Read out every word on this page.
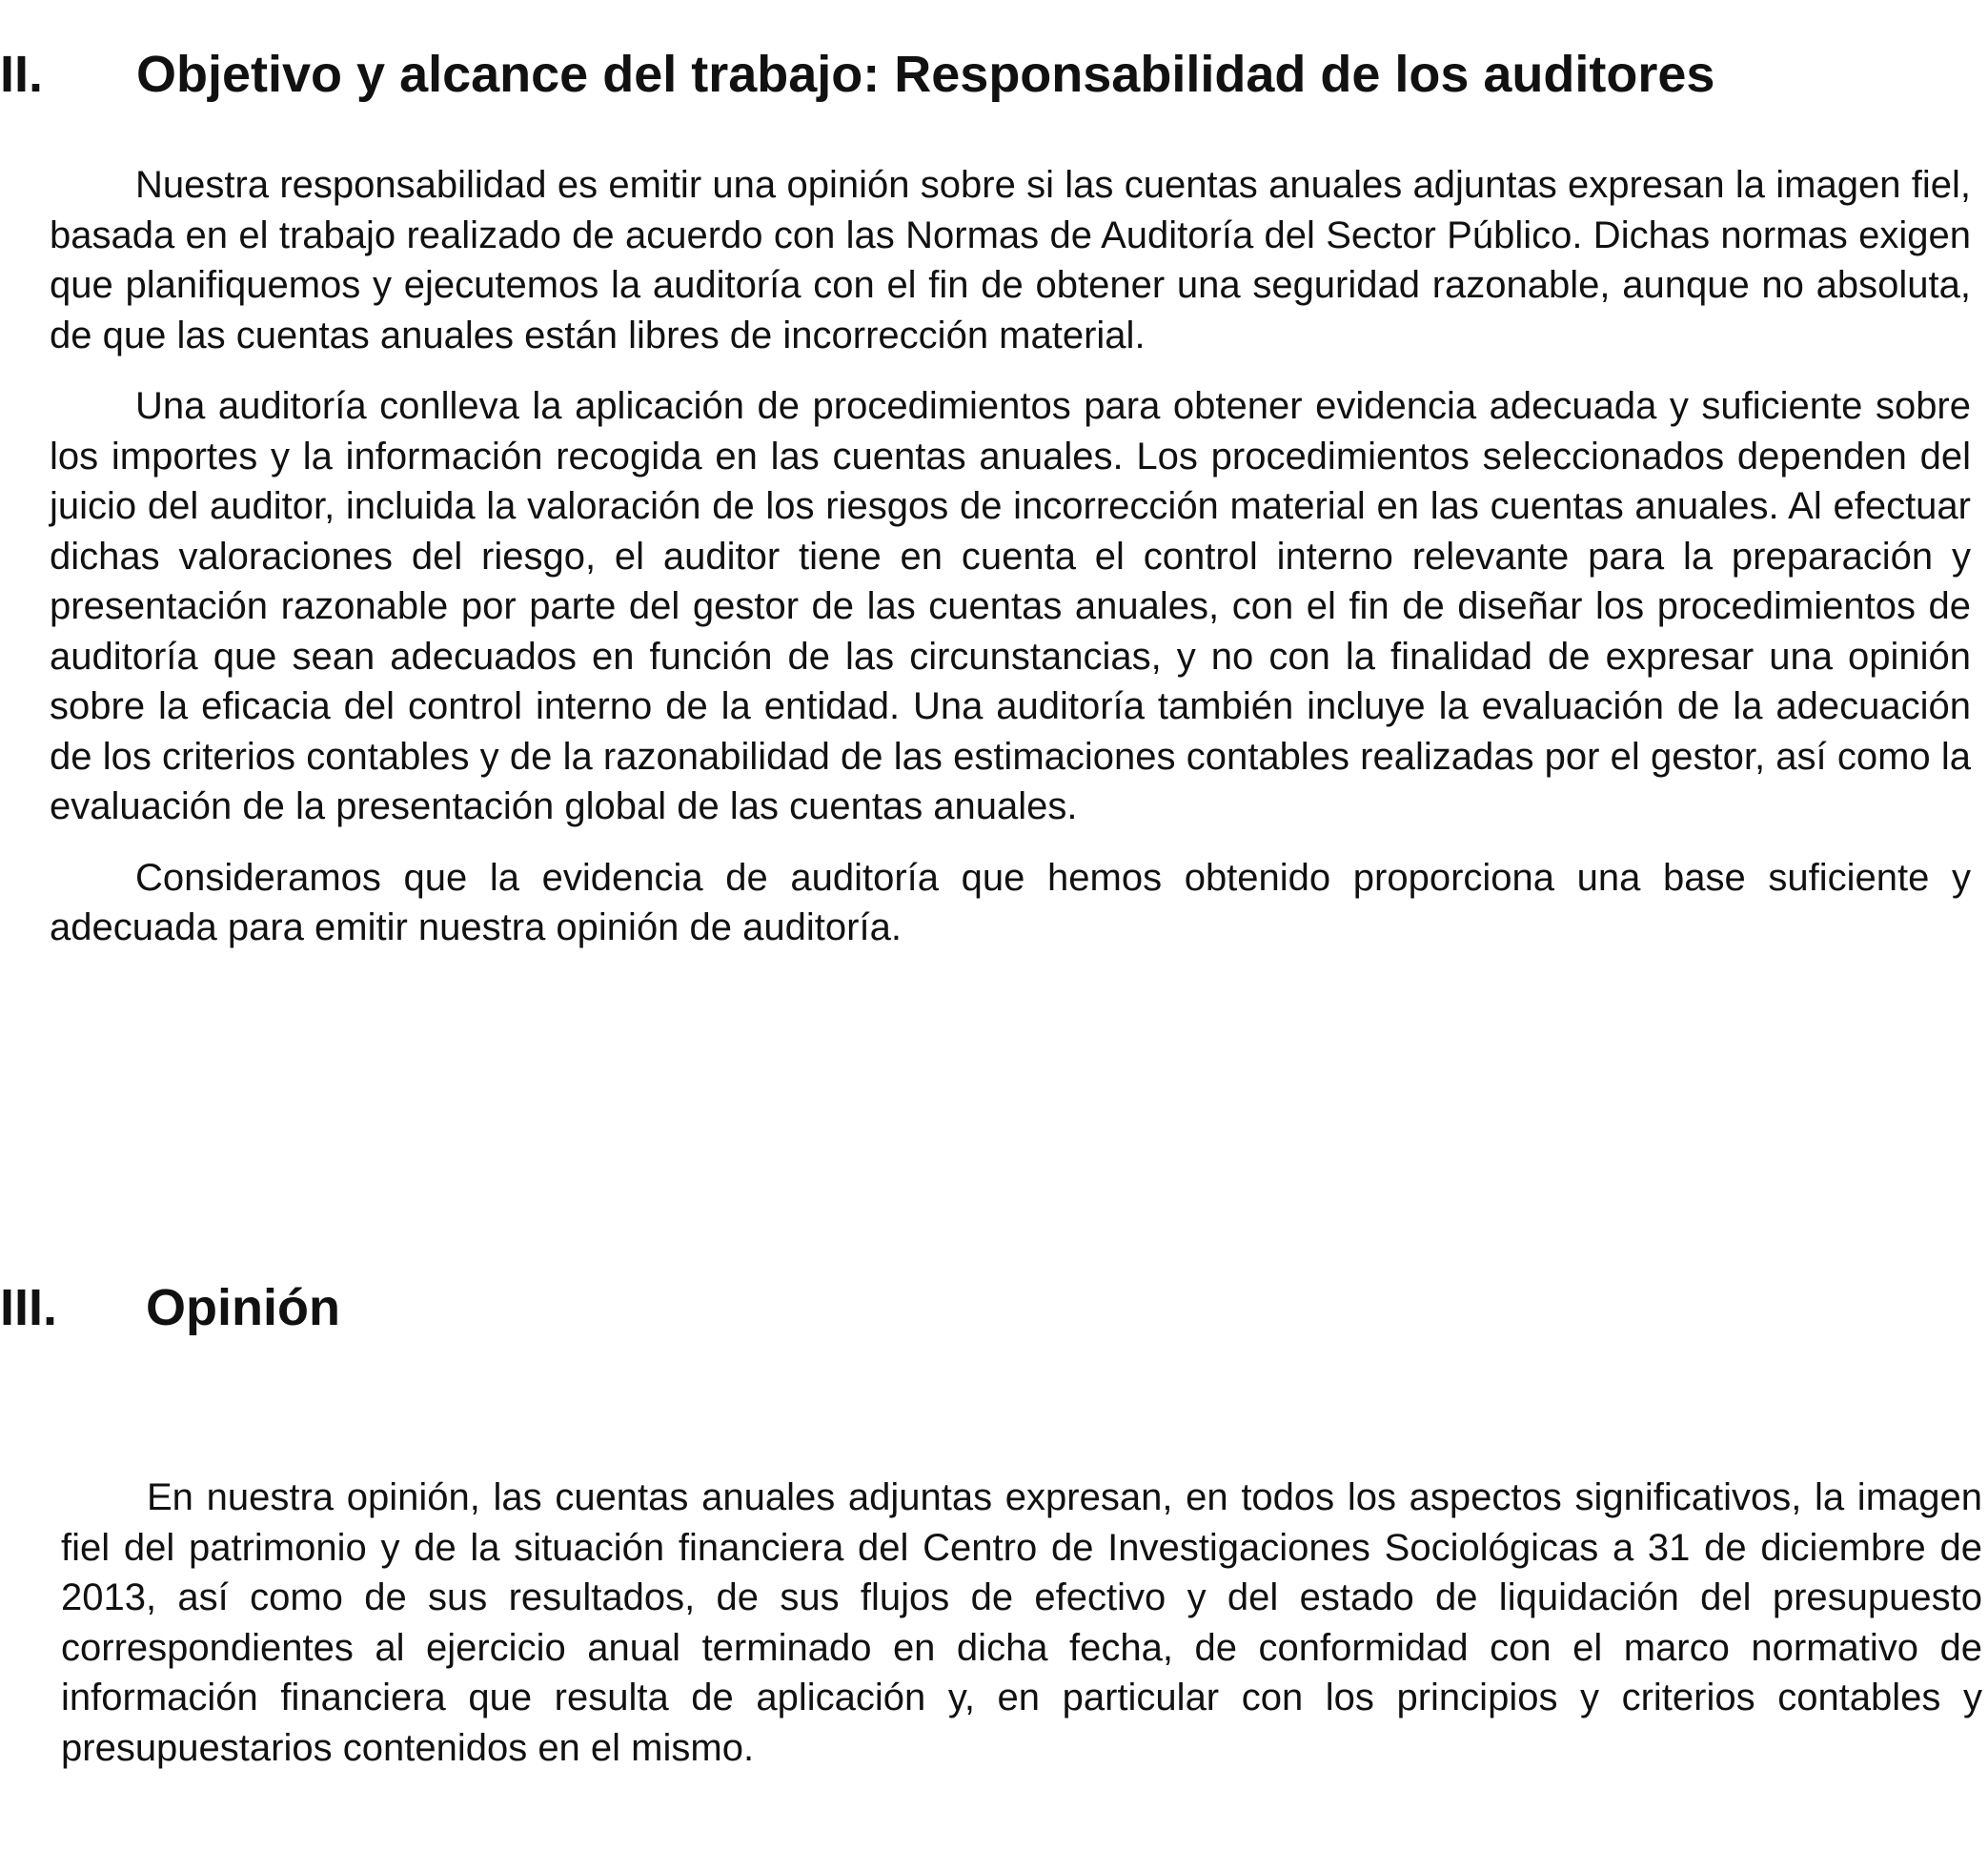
II. Objetivo y alcance del trabajo: Responsabilidad de los auditores

Nuestra responsabilidad es emitir una opinión sobre si las cuentas anuales adjuntas expresan la imagen fiel, basada en el trabajo realizado de acuerdo con las Normas de Auditoría del Sector Público. Dichas normas exigen que planifiquemos y ejecutemos la auditoría con el fin de obtener una seguridad razonable, aunque no absoluta, de que las cuentas anuales están libres de incorrección material.

Una auditoría conlleva la aplicación de procedimientos para obtener evidencia adecuada y suficiente sobre los importes y la información recogida en las cuentas anuales. Los procedimientos seleccionados dependen del juicio del auditor, incluida la valoración de los riesgos de incorrección material en las cuentas anuales. Al efectuar dichas valoraciones del riesgo, el auditor tiene en cuenta el control interno relevante para la preparación y presentación razonable por parte del gestor de las cuentas anuales, con el fin de diseñar los procedimientos de auditoría que sean adecuados en función de las circunstancias, y no con la finalidad de expresar una opinión sobre la eficacia del control interno de la entidad. Una auditoría también incluye la evaluación de la adecuación de los criterios contables y de la razonabilidad de las estimaciones contables realizadas por el gestor, así como la evaluación de la presentación global de las cuentas anuales.

Consideramos que la evidencia de auditoría que hemos obtenido proporciona una base suficiente y adecuada para emitir nuestra opinión de auditoría.

III. Opinión

En nuestra opinión, las cuentas anuales adjuntas expresan, en todos los aspectos significativos, la imagen fiel del patrimonio y de la situación financiera del Centro de Investigaciones Sociológicas a 31 de diciembre de 2013, así como de sus resultados, de sus flujos de efectivo y del estado de liquidación del presupuesto correspondientes al ejercicio anual terminado en dicha fecha, de conformidad con el marco normativo de información financiera que resulta de aplicación y, en particular con los principios y criterios contables y presupuestarios contenidos en el mismo.
